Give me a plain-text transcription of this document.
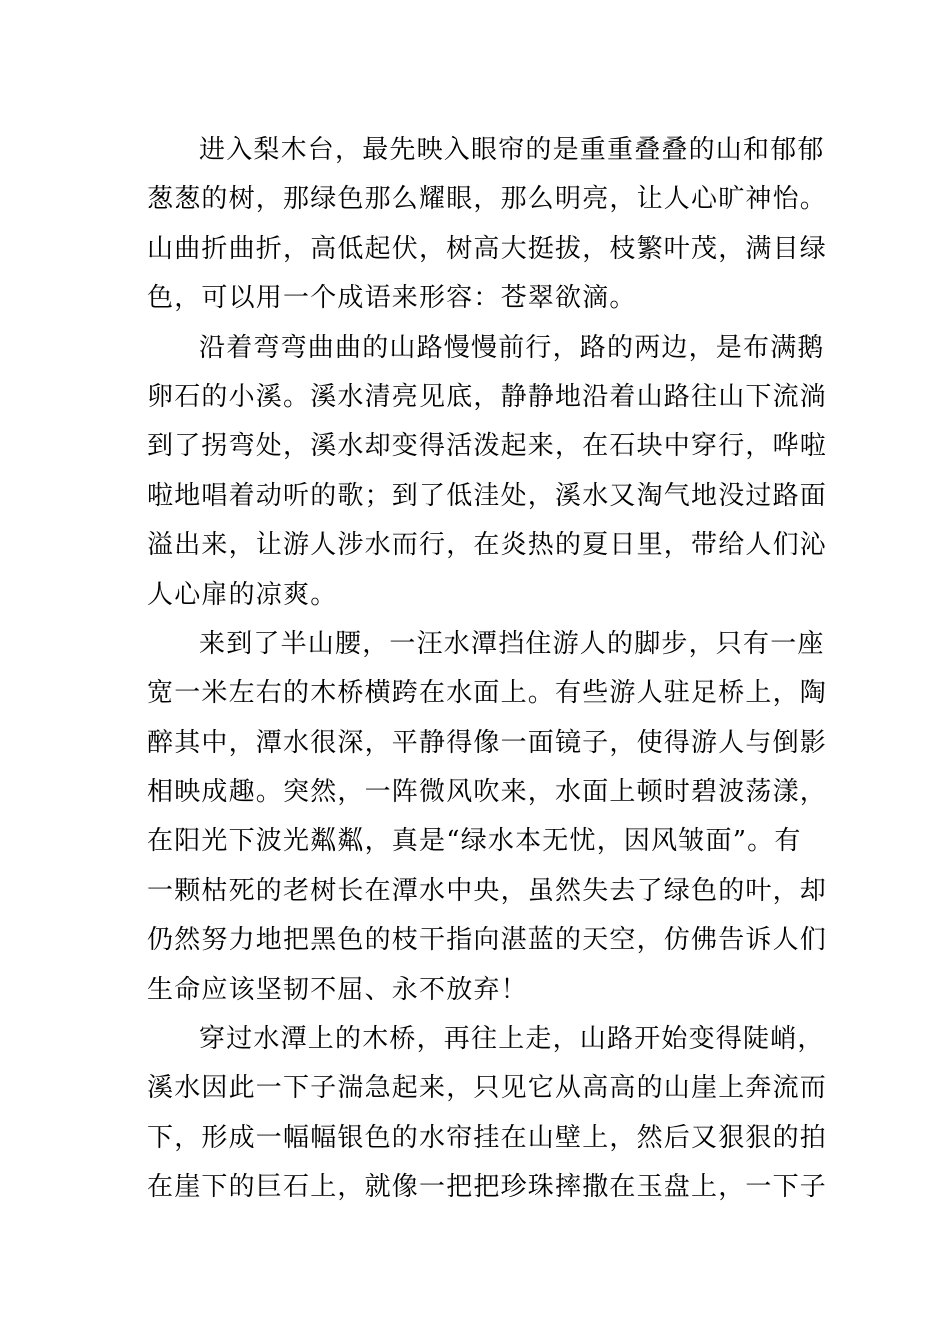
进入梨木台，最先映入眼帘的是重重叠叠的山和郁郁
葱葱的树，那绿色那么耀眼，那么明亮，让人心旷神怡。
山曲折曲折，高低起伏，树高大挺拔，枝繁叶茂，满目绿
色，可以用一个成语来形容：苍翠欲滴。
沿着弯弯曲曲的山路慢慢前行，路的两边，是布满鹅
卵石的小溪。溪水清亮见底，静静地沿着山路往山下流淌
到了拐弯处，溪水却变得活泼起来，在石块中穿行，哗啦
啦地唱着动听的歌；到了低洼处，溪水又淘气地没过路面
溢出来，让游人涉水而行，在炎热的夏日里，带给人们沁
人心扉的凉爽。
来到了半山腰，一汪水潭挡住游人的脚步，只有一座
宽一米左右的木桥横跨在水面上。有些游人驻足桥上，陶
醉其中，潭水很深，平静得像一面镜子，使得游人与倒影
相映成趣。突然，一阵微风吹来，水面上顿时碧波荡漾，
在阳光下波光粼粼，真是“绿水本无忧，因风皱面”。有
一颗枯死的老树长在潭水中央，虽然失去了绿色的叶，却
仍然努力地把黑色的枝干指向湛蓝的天空，仿佛告诉人们
生命应该坚韧不屈、永不放弃！
穿过水潭上的木桥，再往上走，山路开始变得陡峭，
溪水因此一下子湍急起来，只见它从高高的山崖上奔流而
下，形成一幅幅银色的水帘挂在山壁上，然后又狠狠的拍
在崖下的巨石上，就像一把把珍珠摔撒在玉盘上，一下子
